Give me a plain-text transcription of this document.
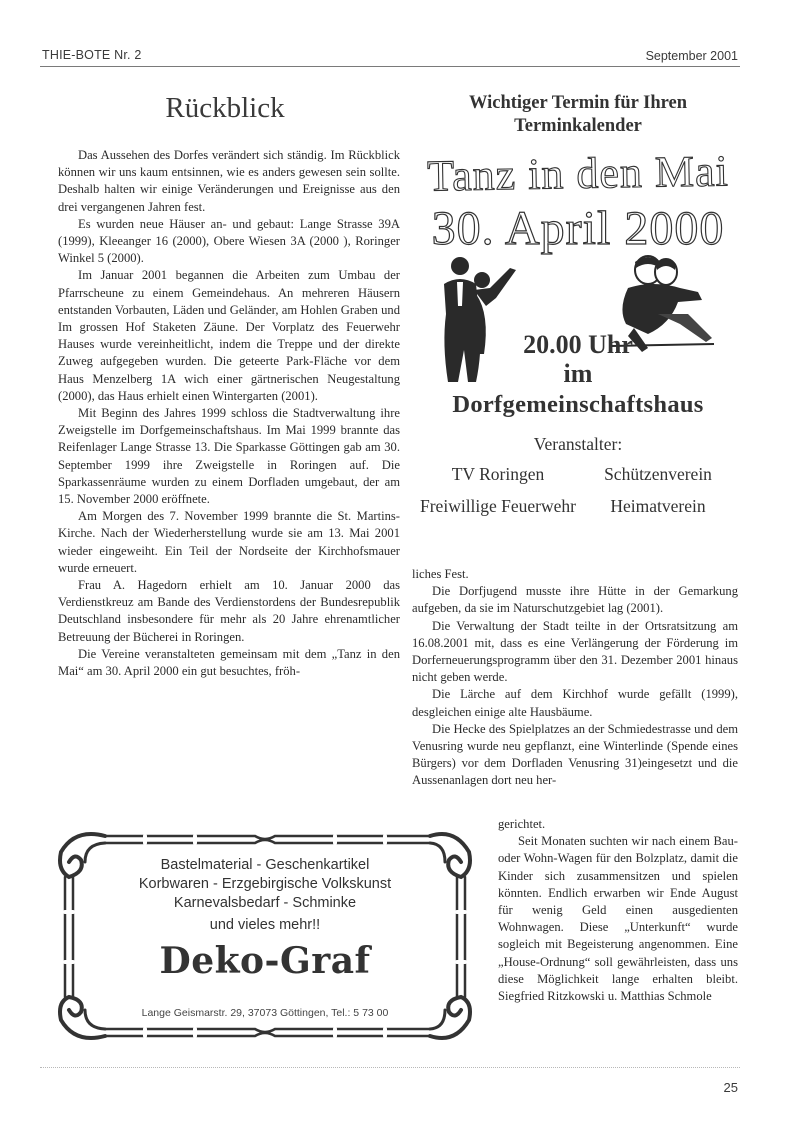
THIE-BOTE Nr. 2	September 2001
Rückblick

Das Aussehen des Dorfes verändert sich ständig. Im Rückblick können wir uns kaum entsinnen, wie es anders gewesen sein sollte. Deshalb halten wir einige Veränderungen und Ereignisse aus den drei vergangenen Jahren fest.

Es wurden neue Häuser an- und gebaut: Lange Strasse 39A (1999), Kleeanger 16 (2000), Obere Wiesen 3A (2000 ), Roringer Winkel 5 (2000).

Im Januar 2001 begannen die Arbeiten zum Umbau der Pfarrscheune zu einem Gemeindehaus. An mehreren Häusern entstanden Vorbauten, Läden und Geländer, am Hohlen Graben und Im grossen Hof Staketen Zäune. Der Vorplatz des Feuerwehr Hauses wurde vereinheitlicht, indem die Treppe und der direkte Zuweg aufgegeben wurden. Die geteerte Park-Fläche vor dem Haus Menzelberg 1A wich einer gärtnerischen Neugestaltung (2000), das Haus erhielt einen Wintergarten (2001).

Mit Beginn des Jahres 1999 schloss die Stadtverwaltung ihre Zweigstelle im Dorfgemeinschaftshaus. Im Mai 1999 brannte das Reifenlager Lange Strasse 13. Die Sparkasse Göttingen gab am 30. September 1999 ihre Zweigstelle in Roringen auf. Die Sparkassenräume wurden zu einem Dorfladen umgebaut, der am 15. November 2000 eröffnete.

Am Morgen des 7. November 1999 brannte die St. Martins-Kirche. Nach der Wiederherstellung wurde sie am 13. Mai 2001 wieder eingeweiht. Ein Teil der Nordseite der Kirchhofsmauer wurde erneuert.

Frau A. Hagedorn erhielt am 10. Januar 2000 das Verdienstkreuz am Bande des Verdienstordens der Bundesrepublik Deutschland insbesondere für mehr als 20 Jahre ehrenamtlicher Betreuung der Bücherei in Roringen.

Die Vereine veranstalteten gemeinsam mit dem „Tanz in den Mai“ am 30. April 2000 ein gut besuchtes, fröh-

Wichtiger Termin für Ihren
Terminkalender
Tanz in den Mai
30. April 2000
20.00 Uhr
im
Dorfgemeinschaftshaus
Veranstalter:
TV Roringen	Schützenverein
Freiwillige Feuerwehr	Heimatverein

liches Fest.

Die Dorfjugend musste ihre Hütte in der Gemarkung aufgeben, da sie im Naturschutzgebiet lag (2001).

Die Verwaltung der Stadt teilte in der Ortsratsitzung am 16.08.2001 mit, dass es eine Verlängerung der Förderung im Dorferneuerungsprogramm über den 31. Dezember 2001 hinaus nicht geben werde.

Die Lärche auf dem Kirchhof wurde gefällt (1999), desgleichen einige alte Hausbäume.

Die Hecke des Spielplatzes an der Schmiedestrasse und dem Venusring wurde neu gepflanzt, eine Winterlinde (Spende eines Bürgers) vor dem Dorfladen Venusring 31)eingesetzt und die Aussenanlagen dort neu her-

gerichtet.

Seit Monaten suchten wir nach einem Bau- oder Wohn-Wagen für den Bolzplatz, damit die Kinder sich zusammensitzen und spielen könnten. Endlich erwarben wir Ende August für wenig Geld einen ausgedienten Wohnwagen. Diese „Unterkunft“ wurde sogleich mit Begeisterung angenommen. Eine „House-Ordnung“ soll gewährleisten, dass uns diese Möglichkeit lange erhalten bleibt. Siegfried Ritzkowski u. Matthias Schmole

Bastelmaterial - Geschenkartikel
Korbwaren - Erzgebirgische Volkskunst
Karnevalsbedarf - Schminke
und vieles mehr!!
Deko-Graf
Lange Geismarstr. 29, 37073 Göttingen, Tel.: 5 73 00
25
